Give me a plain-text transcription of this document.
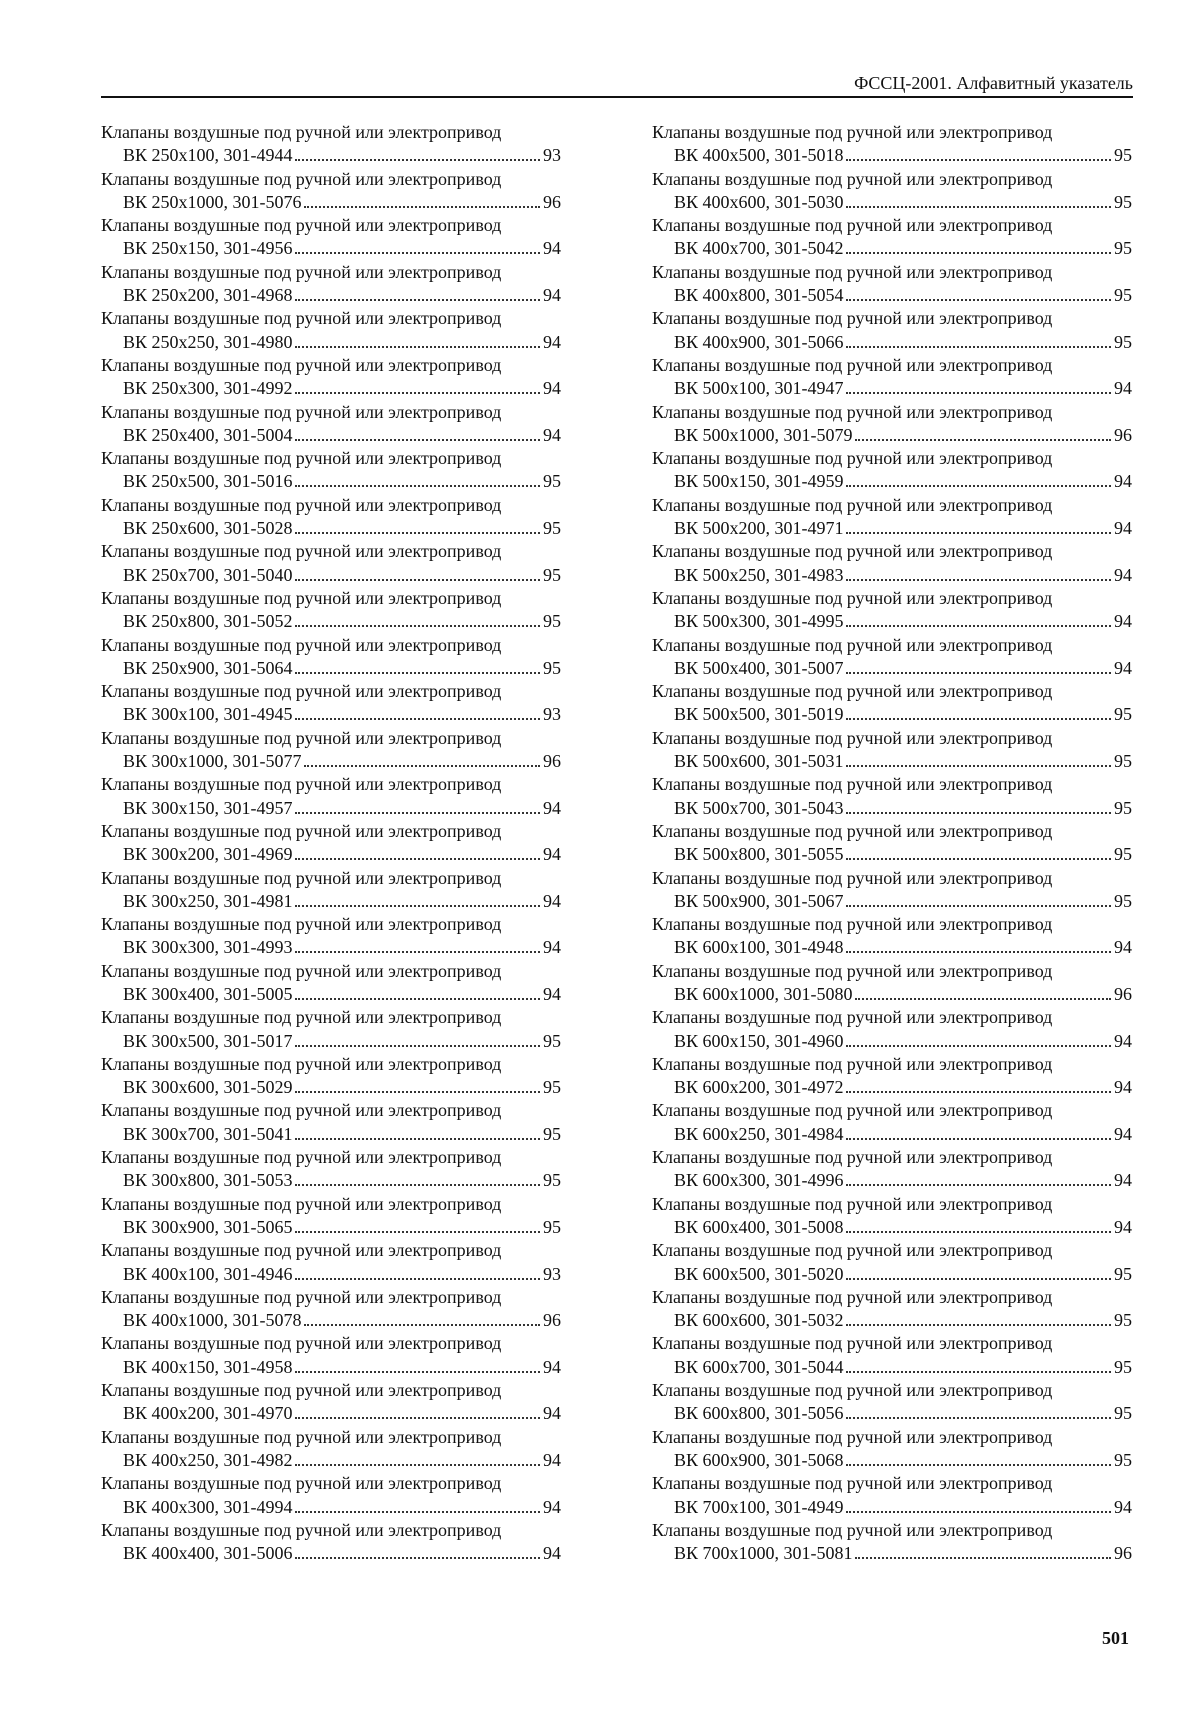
ФССЦ-2001. Алфавитный указатель
Клапаны воздушные под ручной или электропривод
ВК 250х100, 301-4944	93
Клапаны воздушные под ручной или электропривод
ВК 250х1000, 301-5076	96
Клапаны воздушные под ручной или электропривод
ВК 250х150, 301-4956	94
Клапаны воздушные под ручной или электропривод
ВК 250х200, 301-4968	94
Клапаны воздушные под ручной или электропривод
ВК 250х250, 301-4980	94
Клапаны воздушные под ручной или электропривод
ВК 250х300, 301-4992	94
Клапаны воздушные под ручной или электропривод
ВК 250х400, 301-5004	94
Клапаны воздушные под ручной или электропривод
ВК 250х500, 301-5016	95
Клапаны воздушные под ручной или электропривод
ВК 250х600, 301-5028	95
Клапаны воздушные под ручной или электропривод
ВК 250х700, 301-5040	95
Клапаны воздушные под ручной или электропривод
ВК 250х800, 301-5052	95
Клапаны воздушные под ручной или электропривод
ВК 250х900, 301-5064	95
Клапаны воздушные под ручной или электропривод
ВК 300х100, 301-4945	93
Клапаны воздушные под ручной или электропривод
ВК 300х1000, 301-5077	96
Клапаны воздушные под ручной или электропривод
ВК 300х150, 301-4957	94
Клапаны воздушные под ручной или электропривод
ВК 300х200, 301-4969	94
Клапаны воздушные под ручной или электропривод
ВК 300х250, 301-4981	94
Клапаны воздушные под ручной или электропривод
ВК 300х300, 301-4993	94
Клапаны воздушные под ручной или электропривод
ВК 300х400, 301-5005	94
Клапаны воздушные под ручной или электропривод
ВК 300х500, 301-5017	95
Клапаны воздушные под ручной или электропривод
ВК 300х600, 301-5029	95
Клапаны воздушные под ручной или электропривод
ВК 300х700, 301-5041	95
Клапаны воздушные под ручной или электропривод
ВК 300х800, 301-5053	95
Клапаны воздушные под ручной или электропривод
ВК 300х900, 301-5065	95
Клапаны воздушные под ручной или электропривод
ВК 400х100, 301-4946	93
Клапаны воздушные под ручной или электропривод
ВК 400х1000, 301-5078	96
Клапаны воздушные под ручной или электропривод
ВК 400х150, 301-4958	94
Клапаны воздушные под ручной или электропривод
ВК 400х200, 301-4970	94
Клапаны воздушные под ручной или электропривод
ВК 400х250, 301-4982	94
Клапаны воздушные под ручной или электропривод
ВК 400х300, 301-4994	94
Клапаны воздушные под ручной или электропривод
ВК 400х400, 301-5006	94
Клапаны воздушные под ручной или электропривод
ВК 400х500, 301-5018	95
Клапаны воздушные под ручной или электропривод
ВК 400х600, 301-5030	95
Клапаны воздушные под ручной или электропривод
ВК 400х700, 301-5042	95
Клапаны воздушные под ручной или электропривод
ВК 400х800, 301-5054	95
Клапаны воздушные под ручной или электропривод
ВК 400х900, 301-5066	95
Клапаны воздушные под ручной или электропривод
ВК 500х100, 301-4947	94
Клапаны воздушные под ручной или электропривод
ВК 500х1000, 301-5079	96
Клапаны воздушные под ручной или электропривод
ВК 500х150, 301-4959	94
Клапаны воздушные под ручной или электропривод
ВК 500х200, 301-4971	94
Клапаны воздушные под ручной или электропривод
ВК 500х250, 301-4983	94
Клапаны воздушные под ручной или электропривод
ВК 500х300, 301-4995	94
Клапаны воздушные под ручной или электропривод
ВК 500х400, 301-5007	94
Клапаны воздушные под ручной или электропривод
ВК 500х500, 301-5019	95
Клапаны воздушные под ручной или электропривод
ВК 500х600, 301-5031	95
Клапаны воздушные под ручной или электропривод
ВК 500х700, 301-5043	95
Клапаны воздушные под ручной или электропривод
ВК 500х800, 301-5055	95
Клапаны воздушные под ручной или электропривод
ВК 500х900, 301-5067	95
Клапаны воздушные под ручной или электропривод
ВК 600х100, 301-4948	94
Клапаны воздушные под ручной или электропривод
ВК 600х1000, 301-5080	96
Клапаны воздушные под ручной или электропривод
ВК 600х150, 301-4960	94
Клапаны воздушные под ручной или электропривод
ВК 600х200, 301-4972	94
Клапаны воздушные под ручной или электропривод
ВК 600х250, 301-4984	94
Клапаны воздушные под ручной или электропривод
ВК 600х300, 301-4996	94
Клапаны воздушные под ручной или электропривод
ВК 600х400, 301-5008	94
Клапаны воздушные под ручной или электропривод
ВК 600х500, 301-5020	95
Клапаны воздушные под ручной или электропривод
ВК 600х600, 301-5032	95
Клапаны воздушные под ручной или электропривод
ВК 600х700, 301-5044	95
Клапаны воздушные под ручной или электропривод
ВК 600х800, 301-5056	95
Клапаны воздушные под ручной или электропривод
ВК 600х900, 301-5068	95
Клапаны воздушные под ручной или электропривод
ВК 700х100, 301-4949	94
Клапаны воздушные под ручной или электропривод
ВК 700х1000, 301-5081	96
501
